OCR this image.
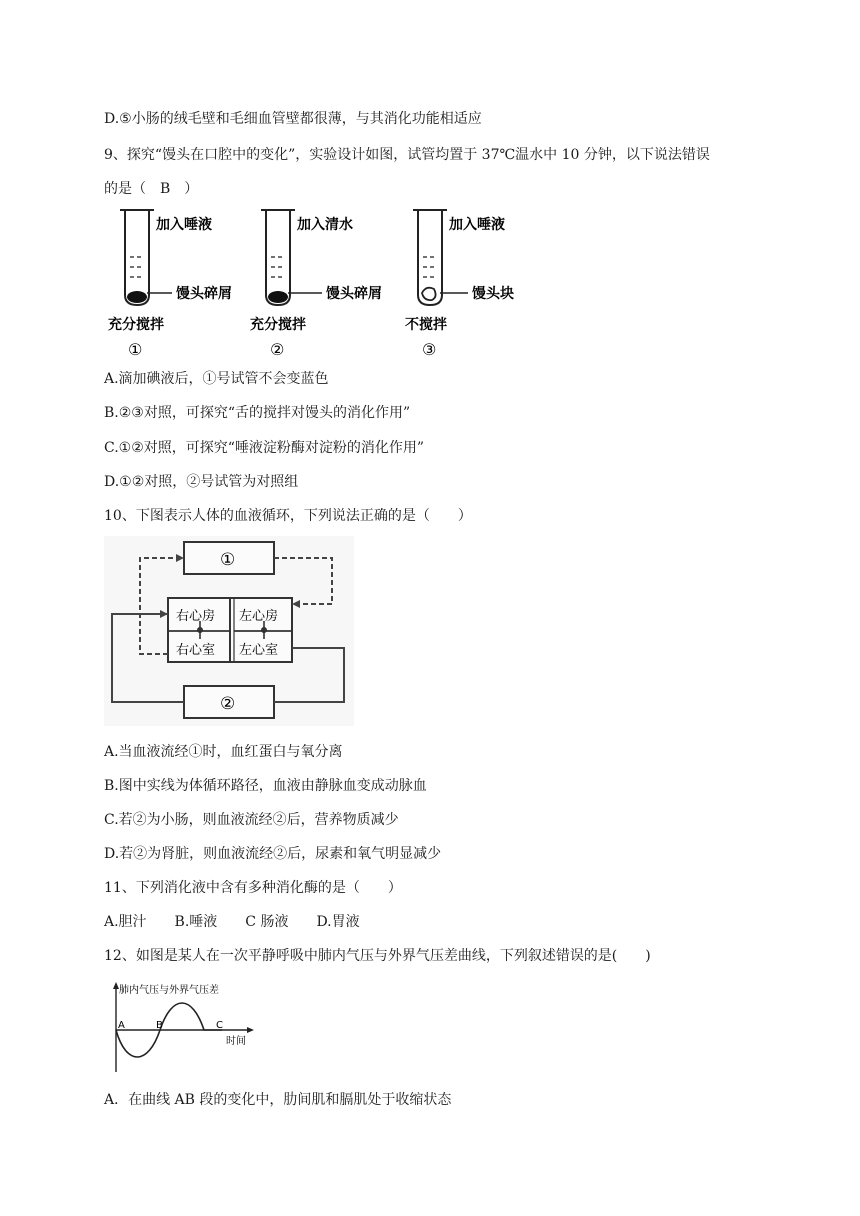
D.⑤小肠的绒毛壁和毛细血管壁都很薄，与其消化功能相适应
9、探究“馒头在口腔中的变化”，实验设计如图，试管均置于 37℃温水中 10 分钟，以下说法错误
的是（　B　）
加入唾液
馒头碎屑
充分搅拌
①
加入清水
馒头碎屑
充分搅拌
②
加入唾液
馒头块
不搅拌
③
A.滴加碘液后，①号试管不会变蓝色
B.②③对照，可探究“舌的搅拌对馒头的消化作用”
C.①②对照，可探究“唾液淀粉酶对淀粉的消化作用”
D.①②对照，②号试管为对照组
10、下图表示人体的血液循环，下列说法正确的是（　　）
①
右心房 左心房
右心室 左心室
②
A.当血液流经①时，血红蛋白与氧分离
B.图中实线为体循环路径，血液由静脉血变成动脉血
C.若②为小肠，则血液流经②后，营养物质减少
D.若②为肾脏，则血液流经②后，尿素和氧气明显减少
11、下列消化液中含有多种消化酶的是（　　）
A.胆汁　　B.唾液　　C 肠液　　D.胃液
12、如图是某人在一次平静呼吸中肺内气压与外界气压差曲线，下列叙述错误的是(　　)
肺内气压与外界气压差
时间
A	B	C
A．在曲线 AB 段的变化中，肋间肌和膈肌处于收缩状态
